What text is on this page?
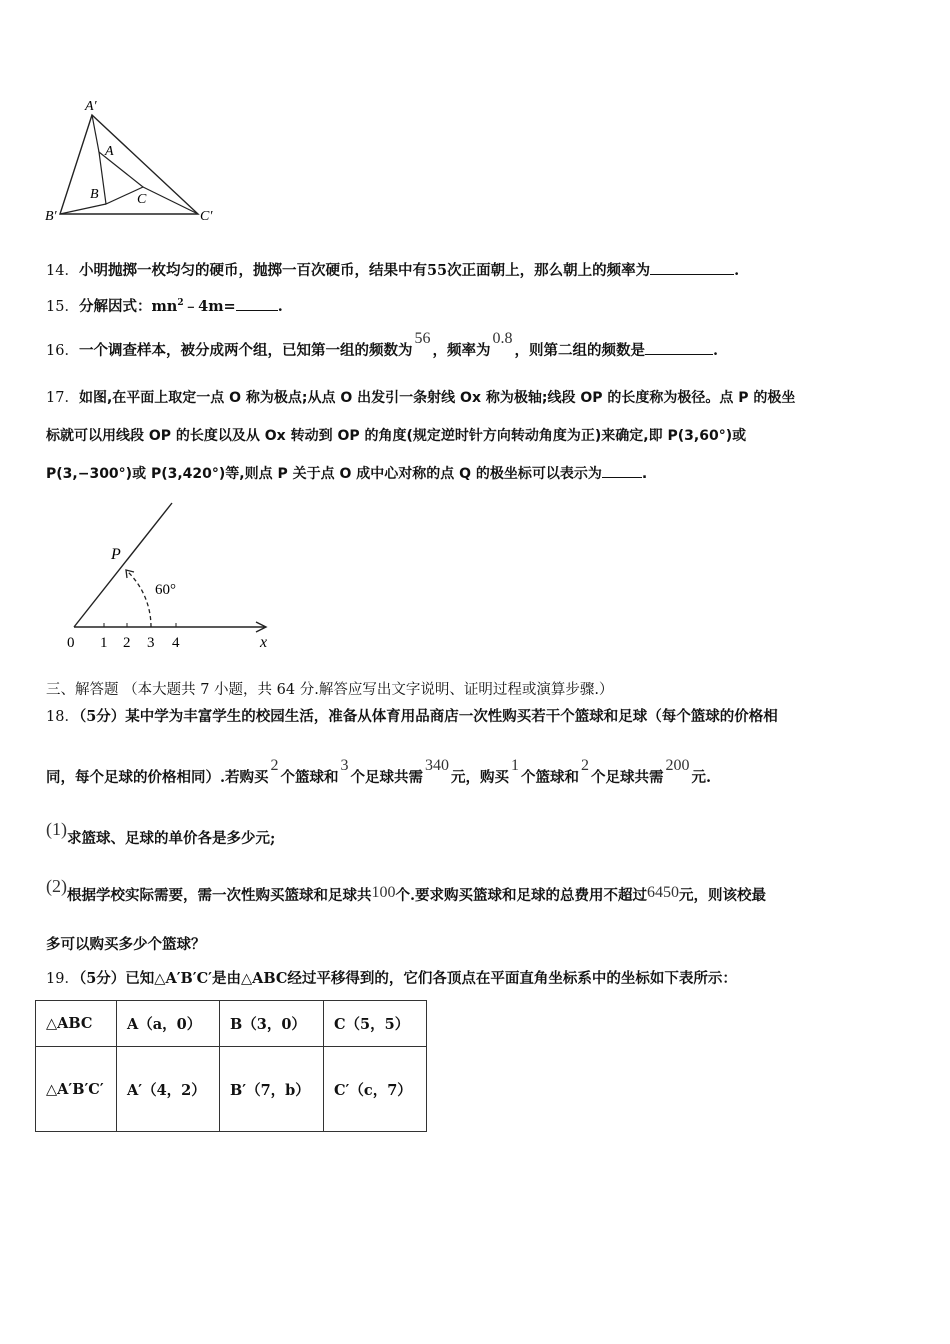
A′
A
B	C
B′	C′
14．小明抛掷一枚均匀的硬币，抛掷一百次硬币，结果中有55次正面朝上，那么朝上的频率为	.
15．分解因式：$mn^2﹣4m=$	.
16．一个调查样本，被分成两个组，已知第一组的频数为56，频率为0.8，则第二组的频数是	.
17．如图,在平面上取定一点 O 称为极点;从点 O 出发引一条射线 Ox 称为极轴;线段 OP 的长度称为极径。点 P 的极坐
标就可以用线段 OP 的长度以及从 Ox 转动到 OP 的角度(规定逆时针方向转动角度为正)来确定,即 P(3,60°)或
P(3,−300°)或 P(3,420°)等,则点 P 关于点 O 成中心对称的点 Q 的极坐标可以表示为	.
P
60°
x
0 1 2 3 4
三、解答题 （本大题共 7 小题，共 64 分.解答应写出文字说明、证明过程或演算步骤.）
18．（5分）某中学为丰富学生的校园生活，准备从体育用品商店一次性购买若干个篮球和足球（每个篮球的价格相
同，每个足球的价格相同）.若购买2个篮球和3个足球共需340元，购买1个篮球和2个足球共需200元.
(1)求篮球、足球的单价各是多少元;
(2)根据学校实际需要，需一次性购买篮球和足球共100个.要求购买篮球和足球的总费用不超过6450元，则该校最
多可以购买多少个篮球？
19．（5分）已知△A′B′C′是由△ABC经过平移得到的，它们各顶点在平面直角坐标系中的坐标如下表所示：
△ABC	A（a，0）	B（3，0）	C（5，5）
△A′B′C′	A′（4，2）	B′（7，b）	C′（c，7）
